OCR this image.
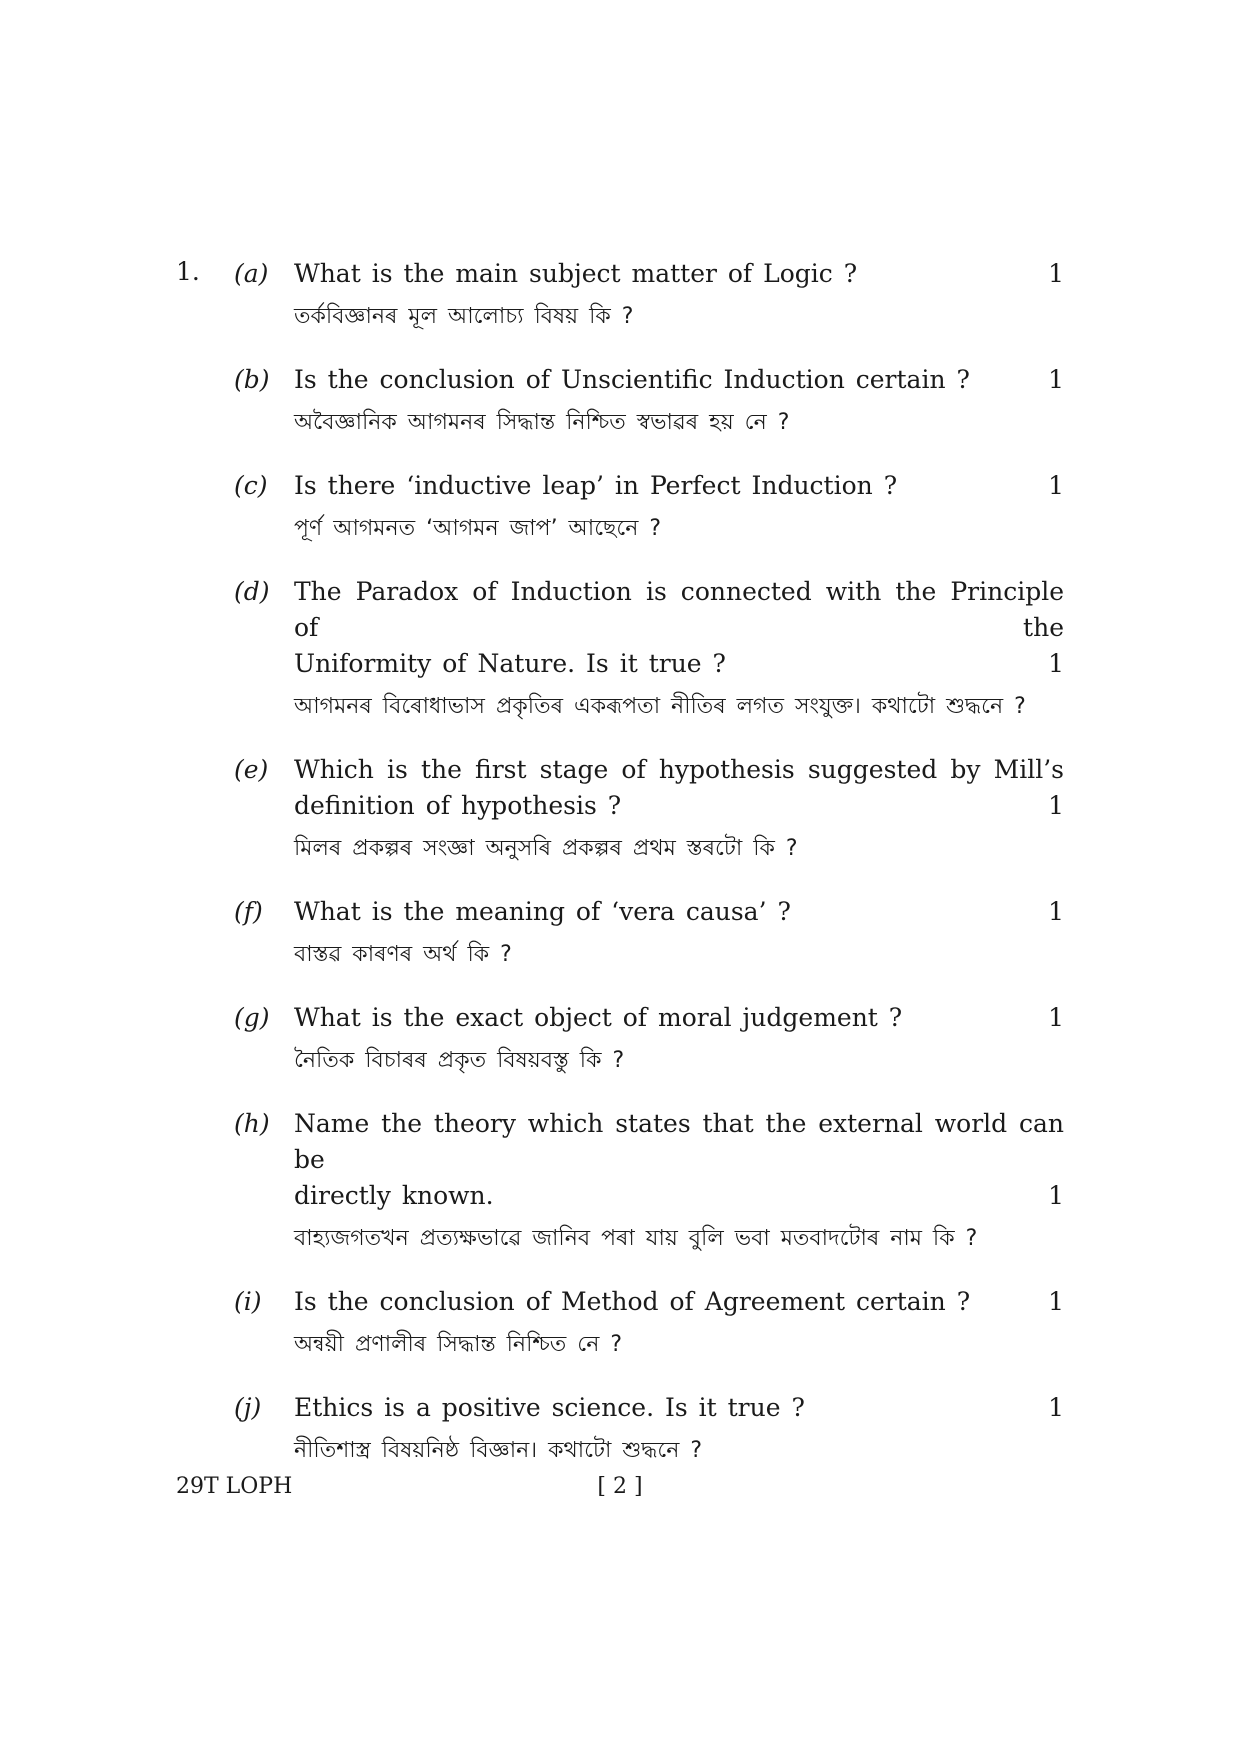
1. (a) What is the main subject matter of Logic ?	1
তৰ্কবিজ্ঞানৰ মূল আলোচ্য বিষয় কি ?
(b) Is the conclusion of Unscientific Induction certain ?	1
অবৈজ্ঞানিক আগমনৰ সিদ্ধান্ত নিশ্চিত স্বভাৱৰ হয় নে ?
(c) Is there ‘inductive leap’ in Perfect Induction ?	1
পূৰ্ণ আগমনত ‘আগমন জাপ’ আছেনে ?
(d) The Paradox of Induction is connected with the Principle of the
Uniformity of Nature. Is it true ?	1
আগমনৰ বিৰোধাভাস প্ৰকৃতিৰ একৰূপতা নীতিৰ লগত সংযুক্ত। কথাটো শুদ্ধনে ?
(e) Which is the first stage of hypothesis suggested by Mill’s
definition of hypothesis ?	1
মিলৰ প্ৰকল্পৰ সংজ্ঞা অনুসৰি প্ৰকল্পৰ প্ৰথম স্তৰটো কি ?
(f) What is the meaning of ‘vera causa’ ?	1
বাস্তৱ কাৰণৰ অৰ্থ কি ?
(g) What is the exact object of moral judgement ?	1
নৈতিক বিচাৰৰ প্ৰকৃত বিষয়বস্তু কি ?
(h) Name the theory which states that the external world can be
directly known.	1
বাহ্যজগতখন প্ৰত্যক্ষভাৱে জানিব পৰা যায় বুলি ভবা মতবাদটোৰ নাম কি ?
(i) Is the conclusion of Method of Agreement certain ?	1
অন্বয়ী প্ৰণালীৰ সিদ্ধান্ত নিশ্চিত নে ?
(j) Ethics is a positive science. Is it true ?	1
নীতিশাস্ত্ৰ বিষয়নিষ্ঠ বিজ্ঞান। কথাটো শুদ্ধনে ?
29T LOPH	[ 2 ]
